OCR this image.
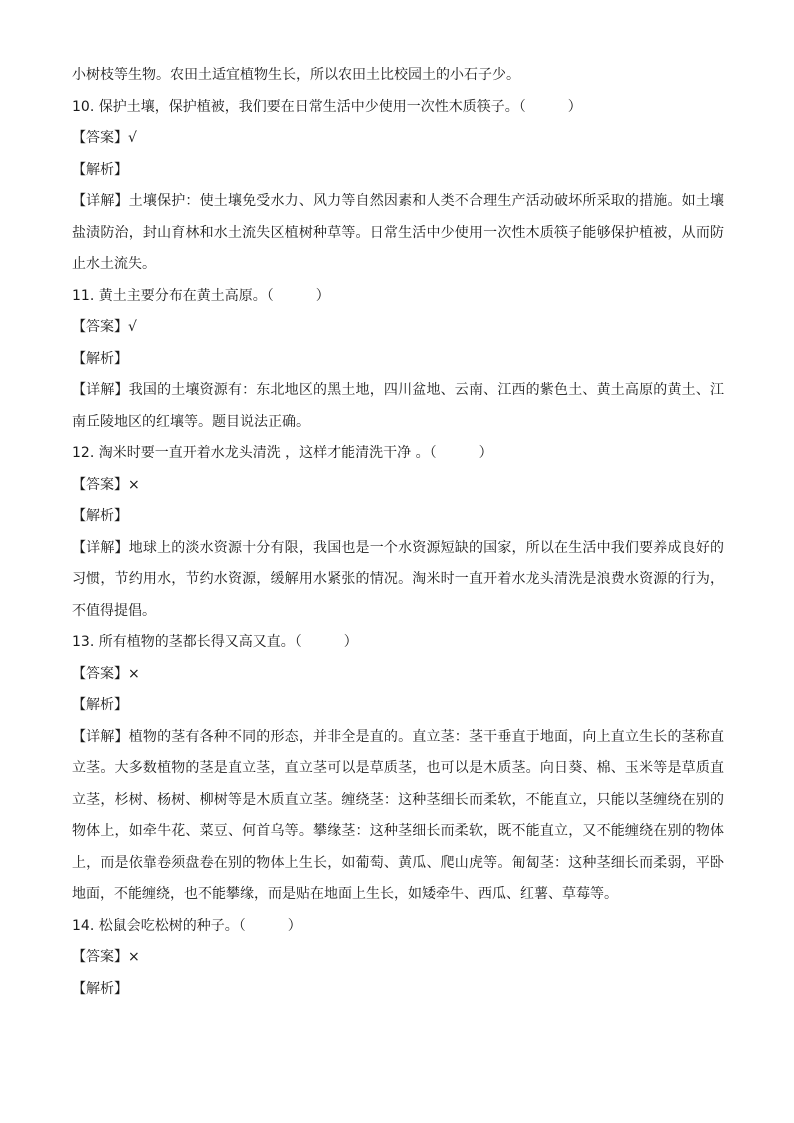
小树枝等生物。农田土适宜植物生长，所以农田土比校园土的小石子少。
10. 保护土壤，保护植被，我们要在日常生活中少使用一次性木质筷子。（　　　）
【答案】√
【解析】
【详解】土壤保护：使土壤免受水力、风力等自然因素和人类不合理生产活动破坏所采取的措施。如土壤盐渍防治，封山育林和水土流失区植树种草等。日常生活中少使用一次性木质筷子能够保护植被，从而防止水土流失。
11. 黄土主要分布在黄土高原。（　　　）
【答案】√
【解析】
【详解】我国的土壤资源有：东北地区的黑土地，四川盆地、云南、江西的紫色土、黄土高原的黄土、江南丘陵地区的红壤等。题目说法正确。
12. 淘米时要一直开着水龙头清洗 ，这样才能清洗干净 。（　　　）
【答案】×
【解析】
【详解】地球上的淡水资源十分有限，我国也是一个水资源短缺的国家，所以在生活中我们要养成良好的习惯，节约用水，节约水资源，缓解用水紧张的情况。淘米时一直开着水龙头清洗是浪费水资源的行为，不值得提倡。
13. 所有植物的茎都长得又高又直。（　　　）
【答案】×
【解析】
【详解】植物的茎有各种不同的形态，并非全是直的。直立茎：茎干垂直于地面，向上直立生长的茎称直立茎。大多数植物的茎是直立茎，直立茎可以是草质茎，也可以是木质茎。向日葵、棉、玉米等是草质直立茎，杉树、杨树、柳树等是木质直立茎。缠绕茎：这种茎细长而柔软，不能直立，只能以茎缠绕在别的物体上，如牵牛花、菜豆、何首乌等。攀缘茎：这种茎细长而柔软，既不能直立，又不能缠绕在别的物体上，而是依靠卷须盘卷在别的物体上生长，如葡萄、黄瓜、爬山虎等。匍匐茎：这种茎细长而柔弱，平卧地面，不能缠绕，也不能攀缘，而是贴在地面上生长，如矮牵牛、西瓜、红薯、草莓等。
14. 松鼠会吃松树的种子。（　　　）
【答案】×
【解析】
